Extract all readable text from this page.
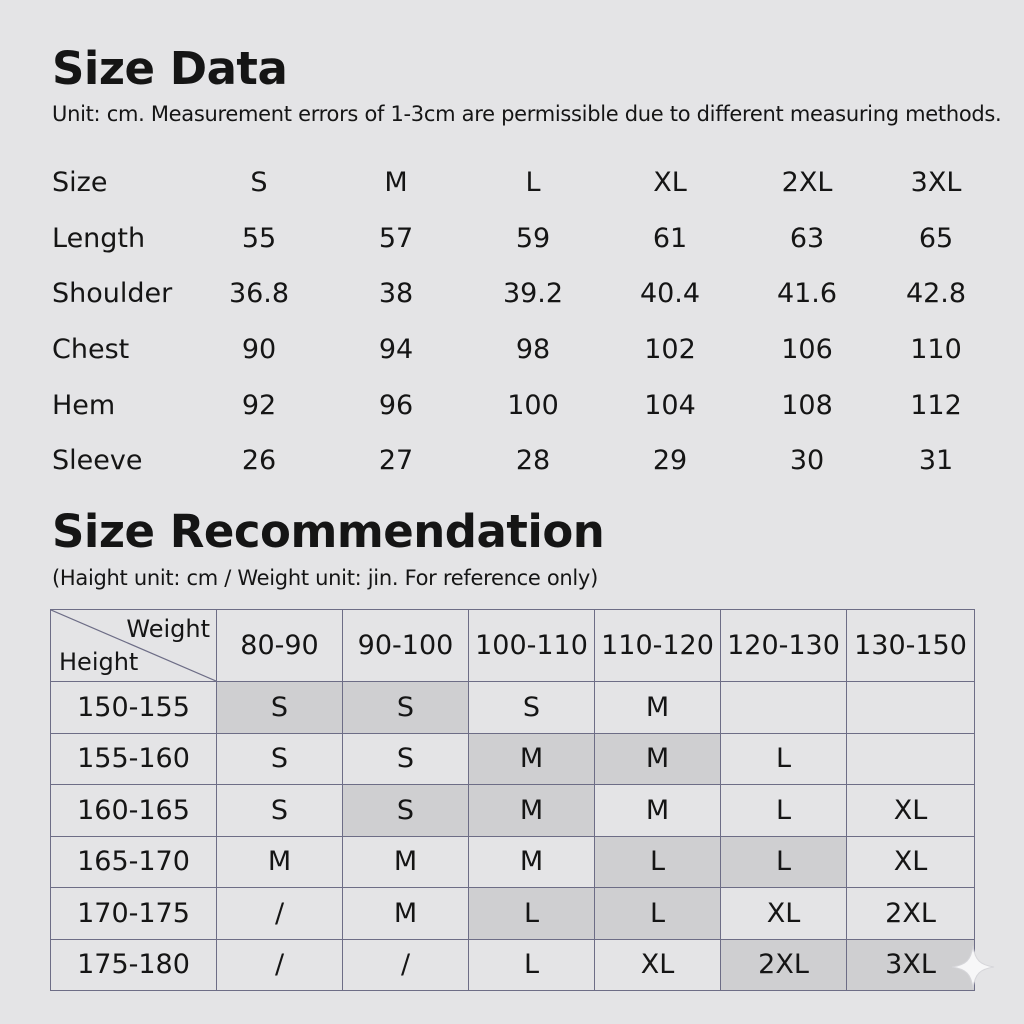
Size Data
Unit: cm. Measurement errors of 1-3cm are permissible due to different measuring methods.
Size	S	M	L	XL	2XL	3XL
Length	55	57	59	61	63	65
Shoulder	36.8	38	39.2	40.4	41.6	42.8
Chest	90	94	98	102	106	110
Hem	92	96	100	104	108	112
Sleeve	26	27	28	29	30	31
Size Recommendation
(Haight unit: cm / Weight unit: jin. For reference only)
Weight
Height	80-90	90-100	100-110	110-120	120-130	130-150
150-155	S	S	S	M		
155-160	S	S	M	M	L	
160-165	S	S	M	M	L	XL
165-170	M	M	M	L	L	XL
170-175	/	M	L	L	XL	2XL
175-180	/	/	L	XL	2XL	3XL
